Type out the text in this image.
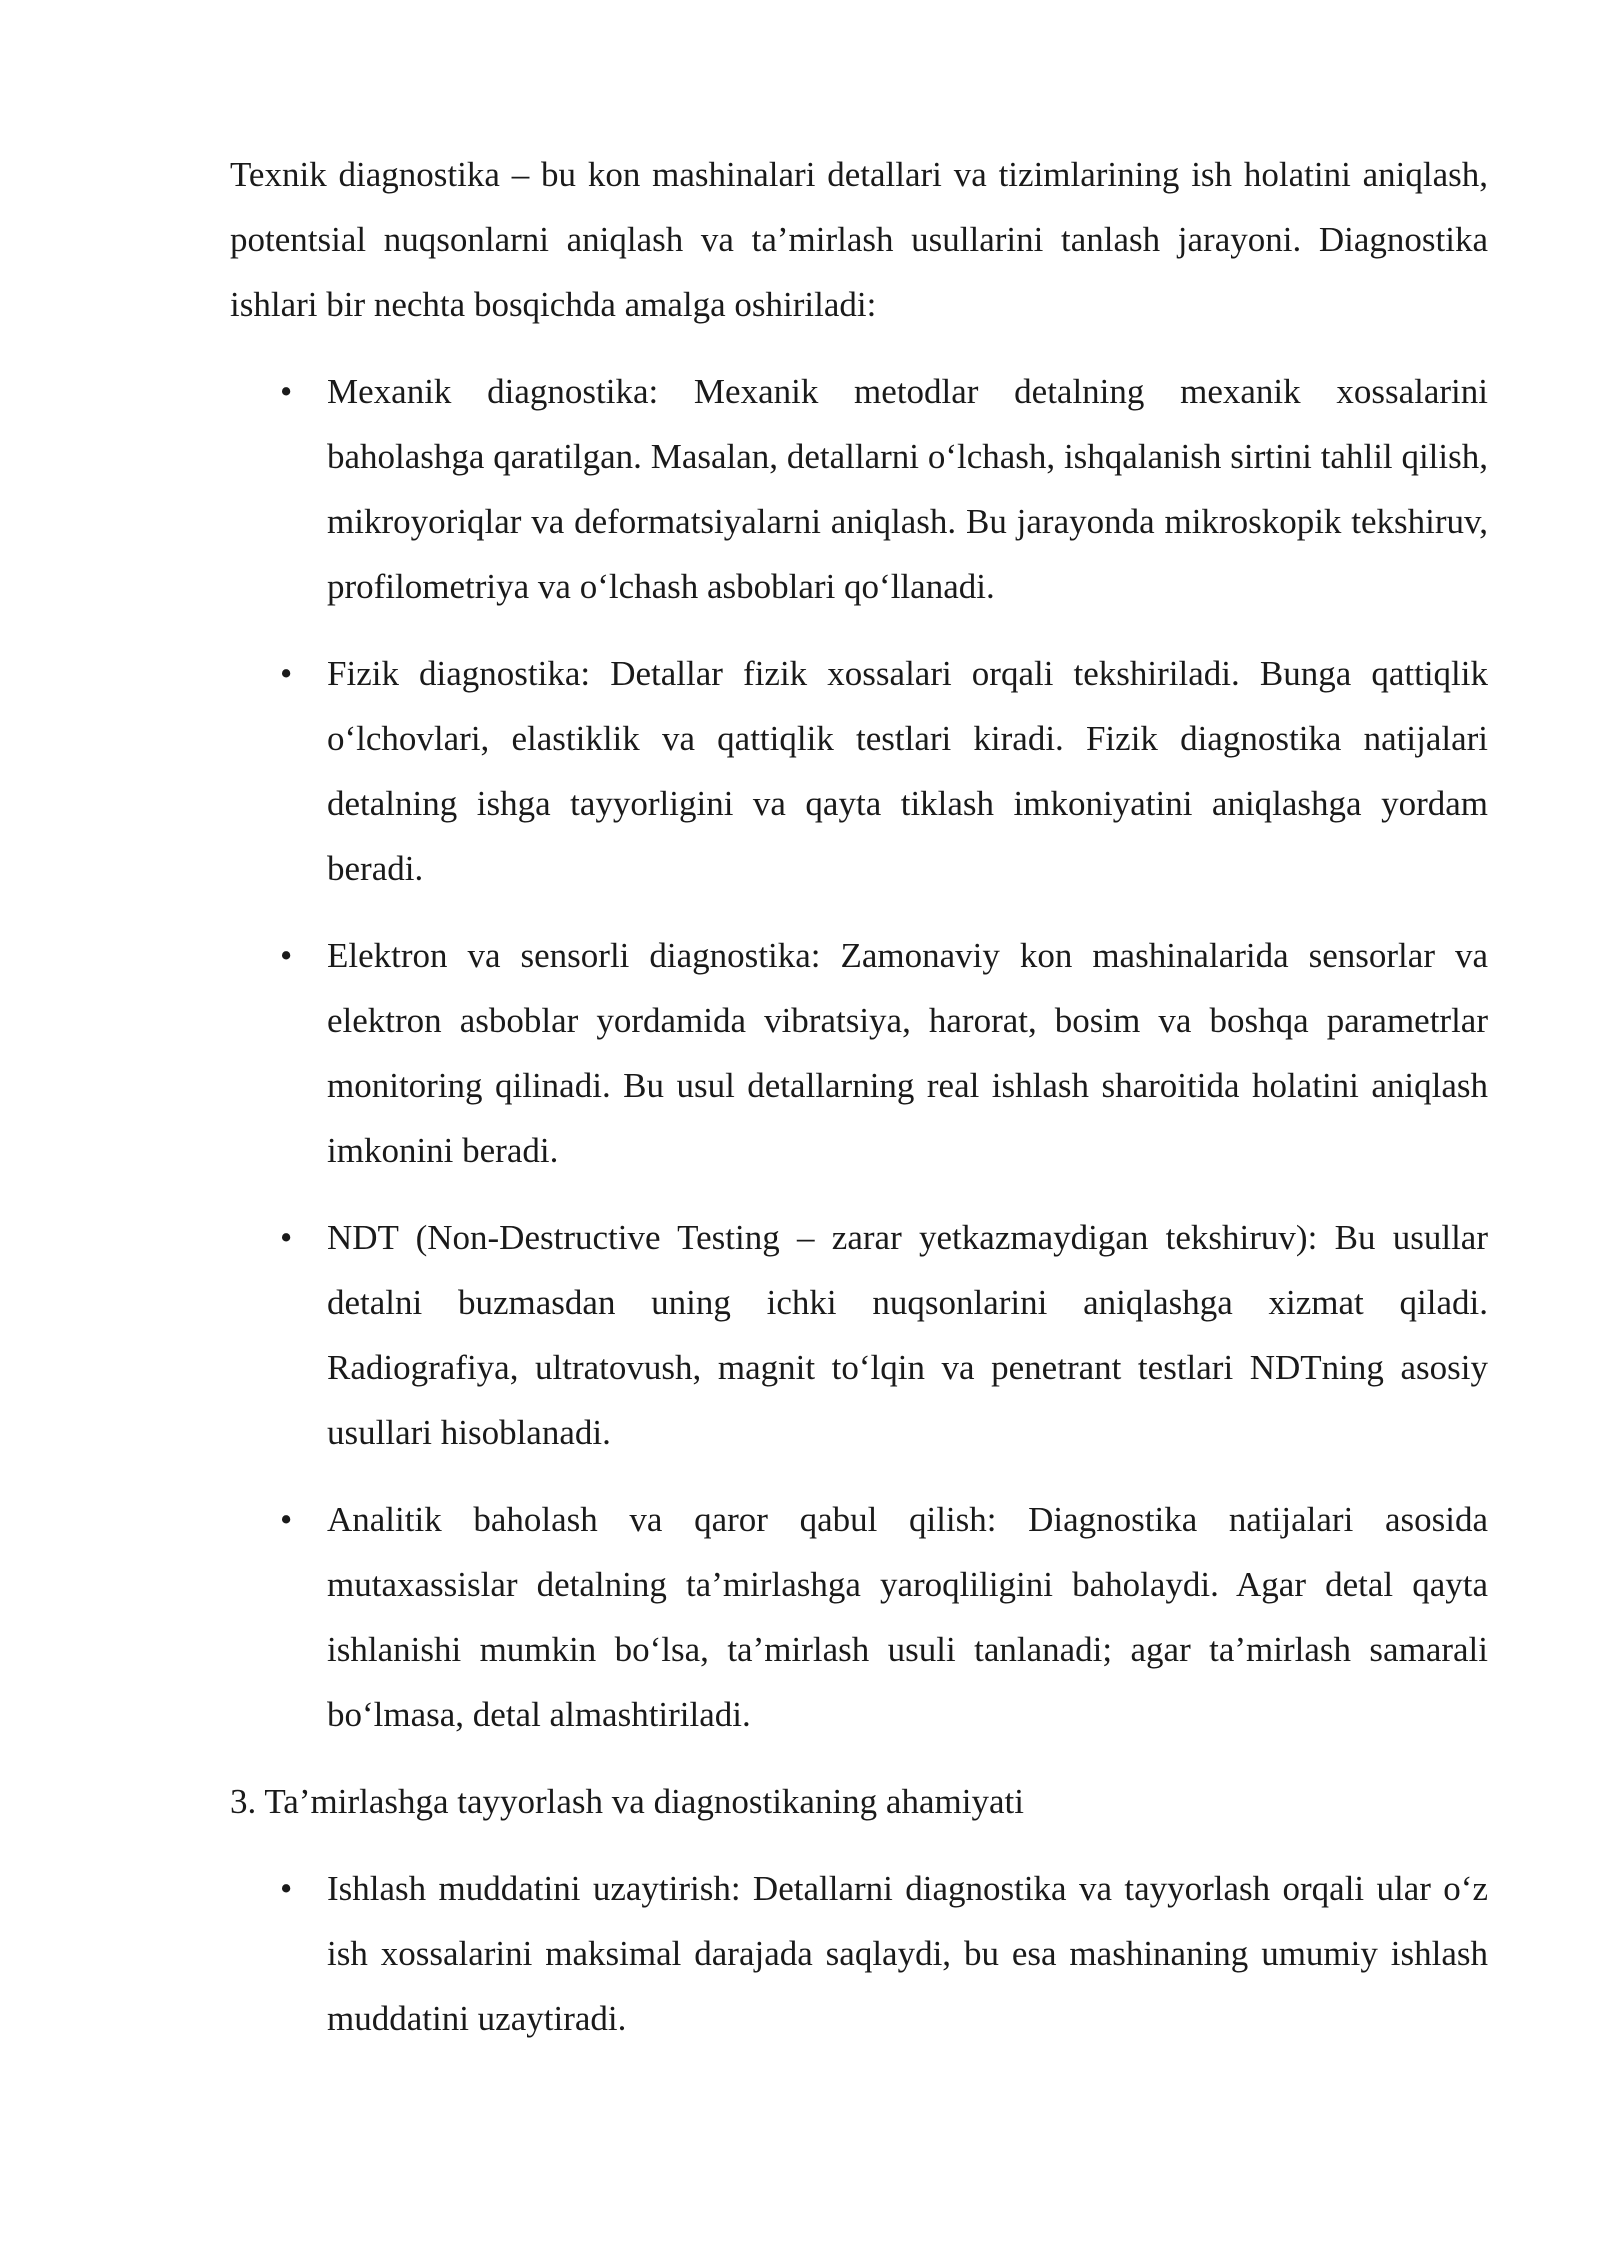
Texnik diagnostika – bu kon mashinalari detallari va tizimlarining ish holatini aniqlash, potentsial nuqsonlarni aniqlash va ta’mirlash usullarini tanlash jarayoni. Diagnostika ishlari bir nechta bosqichda amalga oshiriladi:

• Mexanik diagnostika: Mexanik metodlar detalning mexanik xossalarini baholashga qaratilgan. Masalan, detallarni o‘lchash, ishqalanish sirtini tahlil qilish, mikroyoriqlar va deformatsiyalarni aniqlash. Bu jarayonda mikroskopik tekshiruv, profilometriya va o‘lchash asboblari qo‘llanadi.

• Fizik diagnostika: Detallar fizik xossalari orqali tekshiriladi. Bunga qattiqlik o‘lchovlari, elastiklik va qattiqlik testlari kiradi. Fizik diagnostika natijalari detalning ishga tayyorligini va qayta tiklash imkoniyatini aniqlashga yordam beradi.

• Elektron va sensorli diagnostika: Zamonaviy kon mashinalarida sensorlar va elektron asboblar yordamida vibratsiya, harorat, bosim va boshqa parametrlar monitoring qilinadi. Bu usul detallarning real ishlash sharoitida holatini aniqlash imkonini beradi.

• NDT (Non-Destructive Testing – zarar yetkazmaydigan tekshiruv): Bu usullar detalni buzmasdan uning ichki nuqsonlarini aniqlashga xizmat qiladi. Radiografiya, ultratovush, magnit to‘lqin va penetrant testlari NDTning asosiy usullari hisoblanadi.

• Analitik baholash va qaror qabul qilish: Diagnostika natijalari asosida mutaxassislar detalning ta’mirlashga yaroqliligini baholaydi. Agar detal qayta ishlanishi mumkin bo‘lsa, ta’mirlash usuli tanlanadi; agar ta’mirlash samarali bo‘lmasa, detal almashtiriladi.

3. Ta’mirlashga tayyorlash va diagnostikaning ahamiyati

• Ishlash muddatini uzaytirish: Detallarni diagnostika va tayyorlash orqali ular o‘z ish xossalarini maksimal darajada saqlaydi, bu esa mashinaning umumiy ishlash muddatini uzaytiradi.
